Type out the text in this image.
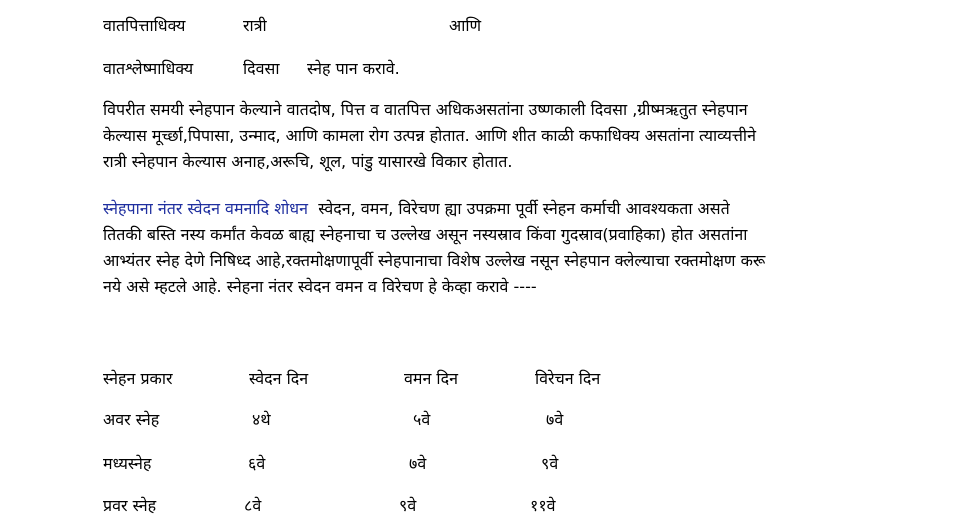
वातपित्ताधिक्य	रात्री	आणि
वातश्लेष्माधिक्य	दिवसा स्नेह पान करावे.
विपरीत समयी स्नेहपान केल्याने वातदोष, पित्त व वातपित्त अधिकअसतांना उष्णकाली दिवसा ,ग्रीष्मऋतुत स्नेहपान
केल्यास मूर्च्छा,पिपासा, उन्माद, आणि कामला रोग उत्पन्न होतात. आणि शीत काळी कफाधिक्य असतांना त्याव्यत्तीने
रात्री स्नेहपान केल्यास अनाह,अरूचि, शूल, पांडु यासारखे विकार होतात.
स्नेहपाना नंतर स्वेदन वमनादि शोधन स्वेदन, वमन, विरेचण ह्या उपक्रमा पूर्वी स्नेहन कर्माची आवश्यकता असते
तितकी बस्ति नस्य कर्मांत केवळ बाह्य स्नेहनाचा च उल्लेख असून नस्यस्राव किंवा गुदस्राव(प्रवाहिका) होत असतांना
आभ्यंतर स्नेह देणे निषिध्द आहे,रक्तमोक्षणापूर्वी स्नेहपानाचा विशेष उल्लेख नसून स्नेहपान क्लेल्याचा रक्तमोक्षण करू
नये असे म्हटले आहे. स्नेहना नंतर स्वेदन वमन व विरेचण हे केव्हा करावे ----
स्नेहन प्रकार	स्वेदन दिन	वमन दिन	विरेचन दिन
अवर स्नेह	४थे	५वे	७वे
मध्यस्नेह	६वे	७वे	९वे
प्रवर स्नेह	८वे	९वे	११वे
